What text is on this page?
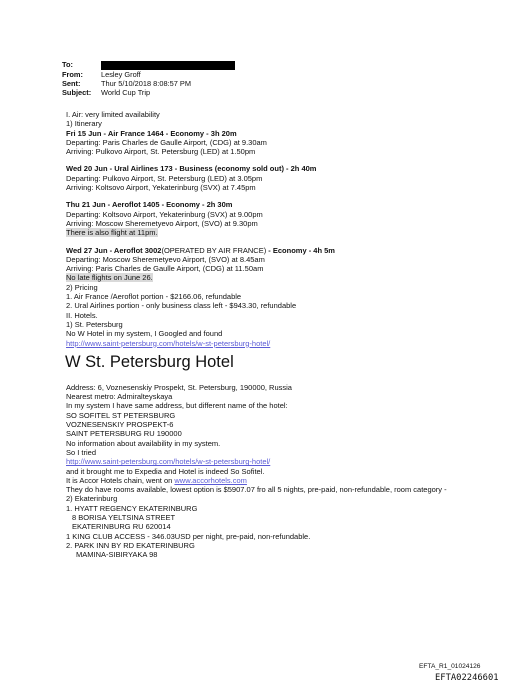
To:
From:	Lesley Groff
Sent:	Thur 5/10/2018 8:08:57 PM
Subject:	World Cup Trip
I. Air: very limited availability
1) Itinerary
Fri 15 Jun - Air France 1464 - Economy - 3h 20m
Departing: Paris Charles de Gaulle Airport, (CDG) at 9.30am
Arriving: Pulkovo Airport, St. Petersburg (LED) at 1.50pm
Wed 20 Jun - Ural Airlines 173 - Business (economy sold out) - 2h 40m
Departing: Pulkovo Airport, St. Petersburg (LED) at 3.05pm
Arriving: Koltsovo Airport, Yekaterinburg (SVX) at 7.45pm
Thu 21 Jun - Aeroflot 1405 - Economy - 2h 30m
Departing: Koltsovo Airport, Yekaterinburg (SVX) at 9.00pm
Arriving: Moscow Sheremetyevo Airport, (SVO) at 9.30pm
There is also flight at 11pm.
Wed 27 Jun - Aeroflot 3002(OPERATED BY AIR FRANCE) - Economy - 4h 5m
Departing: Moscow Sheremetyevo Airport, (SVO) at 8.45am
Arriving: Paris Charles de Gaulle Airport, (CDG) at 11.50am
No late flights on June 26.
2) Pricing
1. Air France /Aeroflot portion - $2166.06, refundable
2. Ural Airlines portion - only business class left - $943.30, refundable
II. Hotels.
1) St. Petersburg
No W Hotel in my system, I Googled and found
http://www.saint-petersburg.com/hotels/w-st-petersburg-hotel/
W St. Petersburg Hotel
Address: 6, Voznesenskiy Prospekt, St. Petersburg, 190000, Russia
Nearest metro: Admiralteyskaya
In my system I have same address, but different name of the hotel:
SO SOFITEL ST PETERSBURG
VOZNESENSKIY PROSPEKT-6
SAINT PETERSBURG RU 190000
No information about availability in my system.
So I tried
http://www.saint-petersburg.com/hotels/w-st-petersburg-hotel/
and it brought me to Expedia and Hotel is indeed So Sofitel.
It is Accor Hotels chain, went on www.accorhotels.com
They do have rooms available, lowest option is $5907.07 fro all 5 nights, pre-paid, non-refundable, room category -
2) Ekaterinburg
1. HYATT REGENCY EKATERINBURG
8 BORISA YELTSINA STREET
EKATERINBURG RU 620014
1 KING CLUB ACCESS - 346.03USD per night, pre-paid, non-refundable.
2. PARK INN BY RD EKATERINBURG
MAMINA-SIBIRYAKA 98
EFTA_R1_01024126
EFTA02246601
